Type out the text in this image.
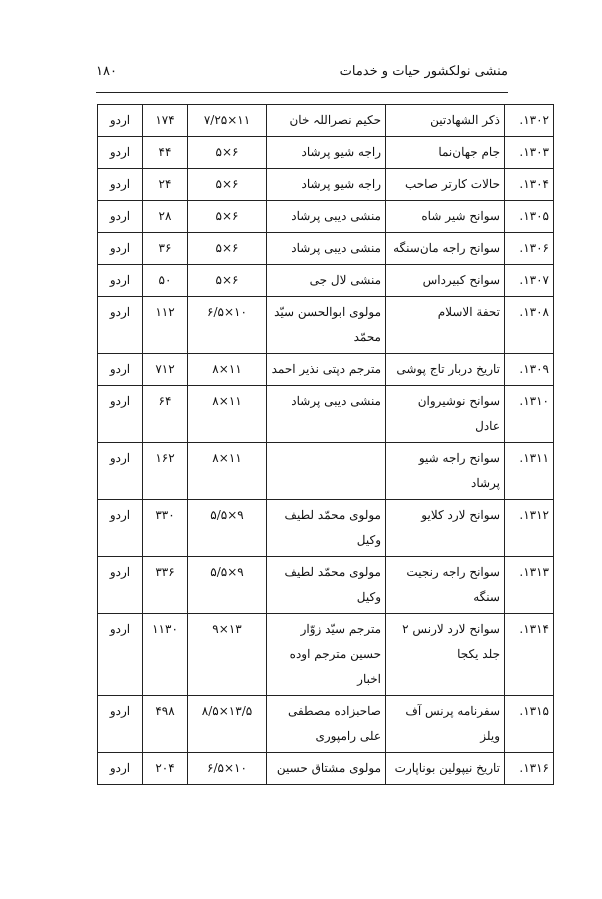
منشی نولکشور حیات و خدمات
۱۸۰
۱۳۰۲.	ذکر الشهادتین	حکیم نصراللہ خان	۱۱×۷/۲۵	۱۷۴	اردو
۱۳۰۳.	جام جهان‌نما	راجه شیو پرشاد	۶×۵	۴۴	اردو
۱۳۰۴.	حالات کارتر صاحب	راجه شیو پرشاد	۶×۵	۲۴	اردو
۱۳۰۵.	سوانح شیر شاه	منشی دیبی پرشاد	۶×۵	۲۸	اردو
۱۳۰۶.	سوانح راجه مان‌سنگه	منشی دیبی پرشاد	۶×۵	۳۶	اردو
۱۳۰۷.	سوانح کبیرداس	منشی لال جی	۶×۵	۵۰	اردو
۱۳۰۸.	تحفة الاسلام	مولوی ابوالحسن سیّد محمّد	۱۰×۶/۵	۱۱۲	اردو
۱۳۰۹.	تاریخ دربار تاج پوشی	مترجم دپتی نذیر احمد	۱۱×۸	۷۱۲	اردو
۱۳۱۰.	سوانح نوشیروان عادل	منشی دیبی پرشاد	۱۱×۸	۶۴	اردو
۱۳۱۱.	سوانح راجه شیو پرشاد		۱۱×۸	۱۶۲	اردو
۱۳۱۲.	سوانح لارد کلایو	مولوی محمّد لطیف وکیل	۹×۵/۵	۳۳۰	اردو
۱۳۱۳.	سوانح راجه رنجیت سنگه	مولوی محمّد لطیف وکیل	۹×۵/۵	۳۳۶	اردو
۱۳۱۴.	سوانح لارد لارنس ۲ جلد یکجا	مترجم سیّد زوّار حسین مترجم اوده اخبار	۱۳×۹	۱۱۳۰	اردو
۱۳۱۵.	سفرنامه پرنس آف ویلز	صاحبزاده مصطفی علی رامپوری	۱۳/۵×۸/۵	۴۹۸	اردو
۱۳۱۶.	تاریخ نیپولین بوناپارت	مولوی مشتاق حسین	۱۰×۶/۵	۲۰۴	اردو
